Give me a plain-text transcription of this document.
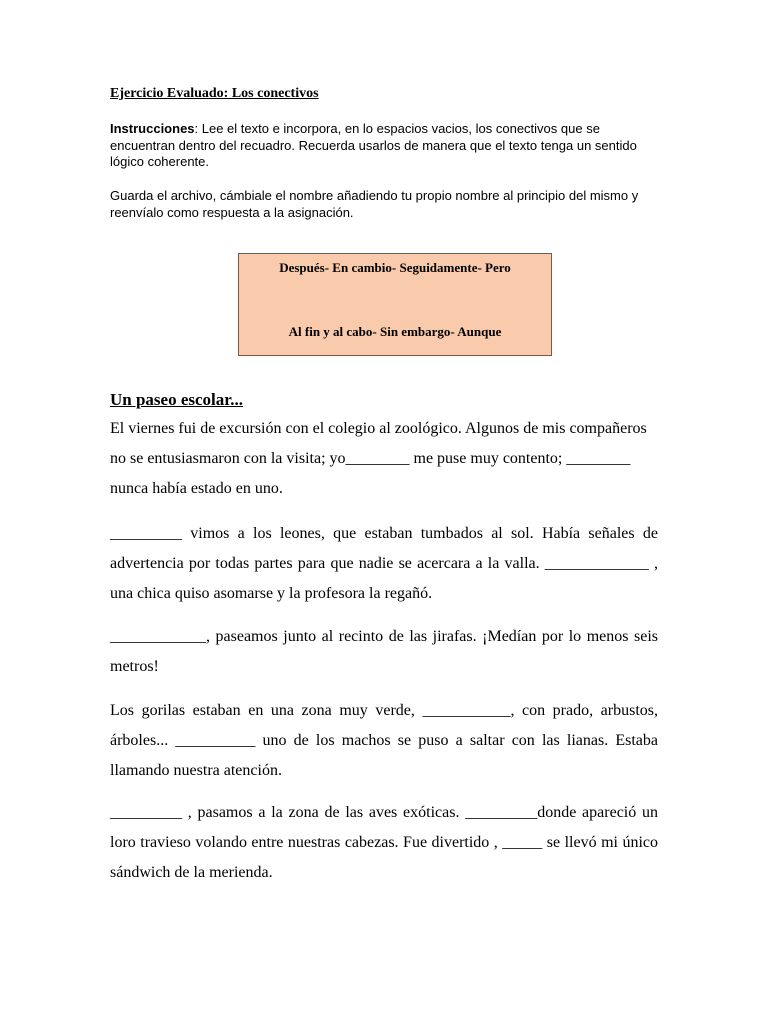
Ejercicio Evaluado: Los conectivos

Instrucciones: Lee el texto e incorpora, en lo espacios vacios, los conectivos que se encuentran dentro del recuadro. Recuerda usarlos de manera que el texto tenga un sentido lógico coherente.

Guarda el archivo, cámbiale el nombre añadiendo tu propio nombre al principio del mismo y reenvíalo como respuesta a la asignación.

Después- En cambio- Seguidamente- Pero
Al fin y al cabo- Sin embargo- Aunque
Un paseo escolar...

El viernes fui de excursión con el colegio al zoológico. Algunos de mis compañeros no se entusiasmaron con la visita; yo________ me puse muy contento; ________ nunca había estado en uno.

_________ vimos a los leones, que estaban tumbados al sol. Había señales de advertencia por todas partes para que nadie se acercara a la valla. _____________ , una chica quiso asomarse y la profesora la regañó.

____________, paseamos junto al recinto de las jirafas. ¡Medían por lo menos seis metros!

Los gorilas estaban en una zona muy verde, ___________, con prado, arbustos, árboles... __________ uno de los machos se puso a saltar con las lianas. Estaba llamando nuestra atención.

_________ , pasamos a la zona de las aves exóticas. _________donde apareció un loro travieso volando entre nuestras cabezas. Fue divertido , _____ se llevó mi único sándwich de la merienda.
